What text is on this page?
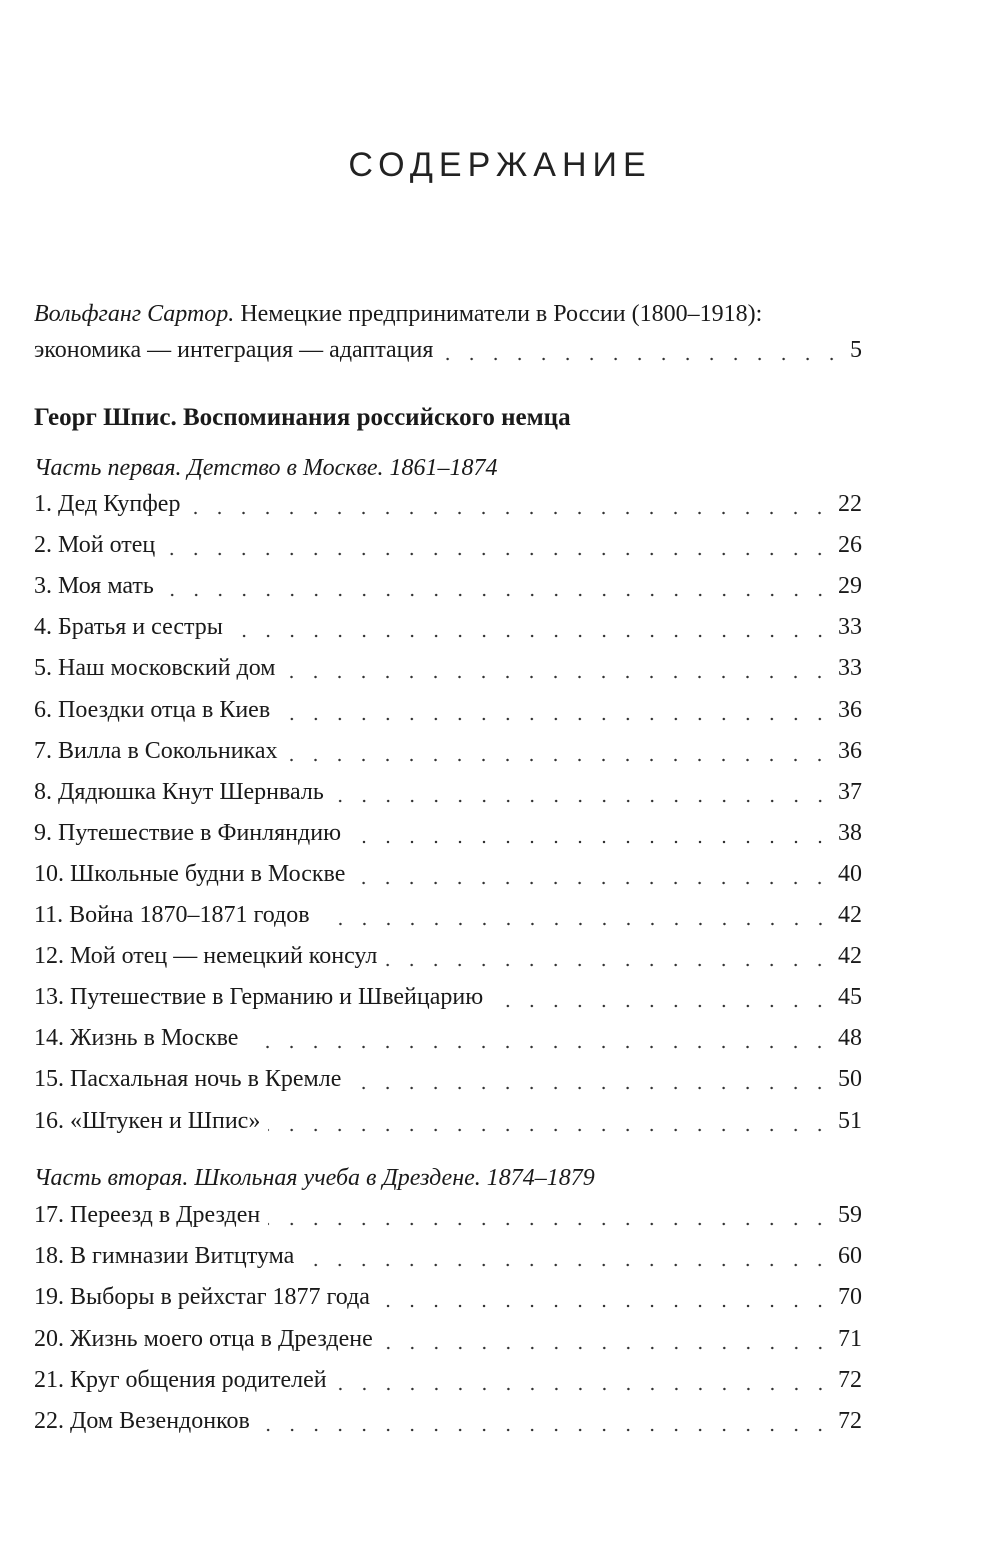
СОДЕРЖАНИЕ
Вольфганг Сартор. Немецкие предприниматели в России (1800–1918):
экономика — интеграция — адаптация	5
Георг Шпис. Воспоминания российского немца
Часть первая. Детство в Москве. 1861–1874
1. Дед Купфер	22
2. Мой отец	26
3. Моя мать	29
4. Братья и сестры	33
5. Наш московский дом	33
6. Поездки отца в Киев	36
7. Вилла в Сокольниках	36
8. Дядюшка Кнут Шернваль	37
9. Путешествие в Финляндию	38
10. Школьные будни в Москве	40
11. Война 1870–1871 годов	42
12. Мой отец — немецкий консул	42
13. Путешествие в Германию и Швейцарию	45
14. Жизнь в Москве	48
15. Пасхальная ночь в Кремле	50
16. «Штукен и Шпис»	51
Часть вторая. Школьная учеба в Дрездене. 1874–1879
17. Переезд в Дрезден	59
18. В гимназии Витцтума	60
19. Выборы в рейхстаг 1877 года	70
20. Жизнь моего отца в Дрездене	71
21. Круг общения родителей	72
22. Дом Везендонков	72
